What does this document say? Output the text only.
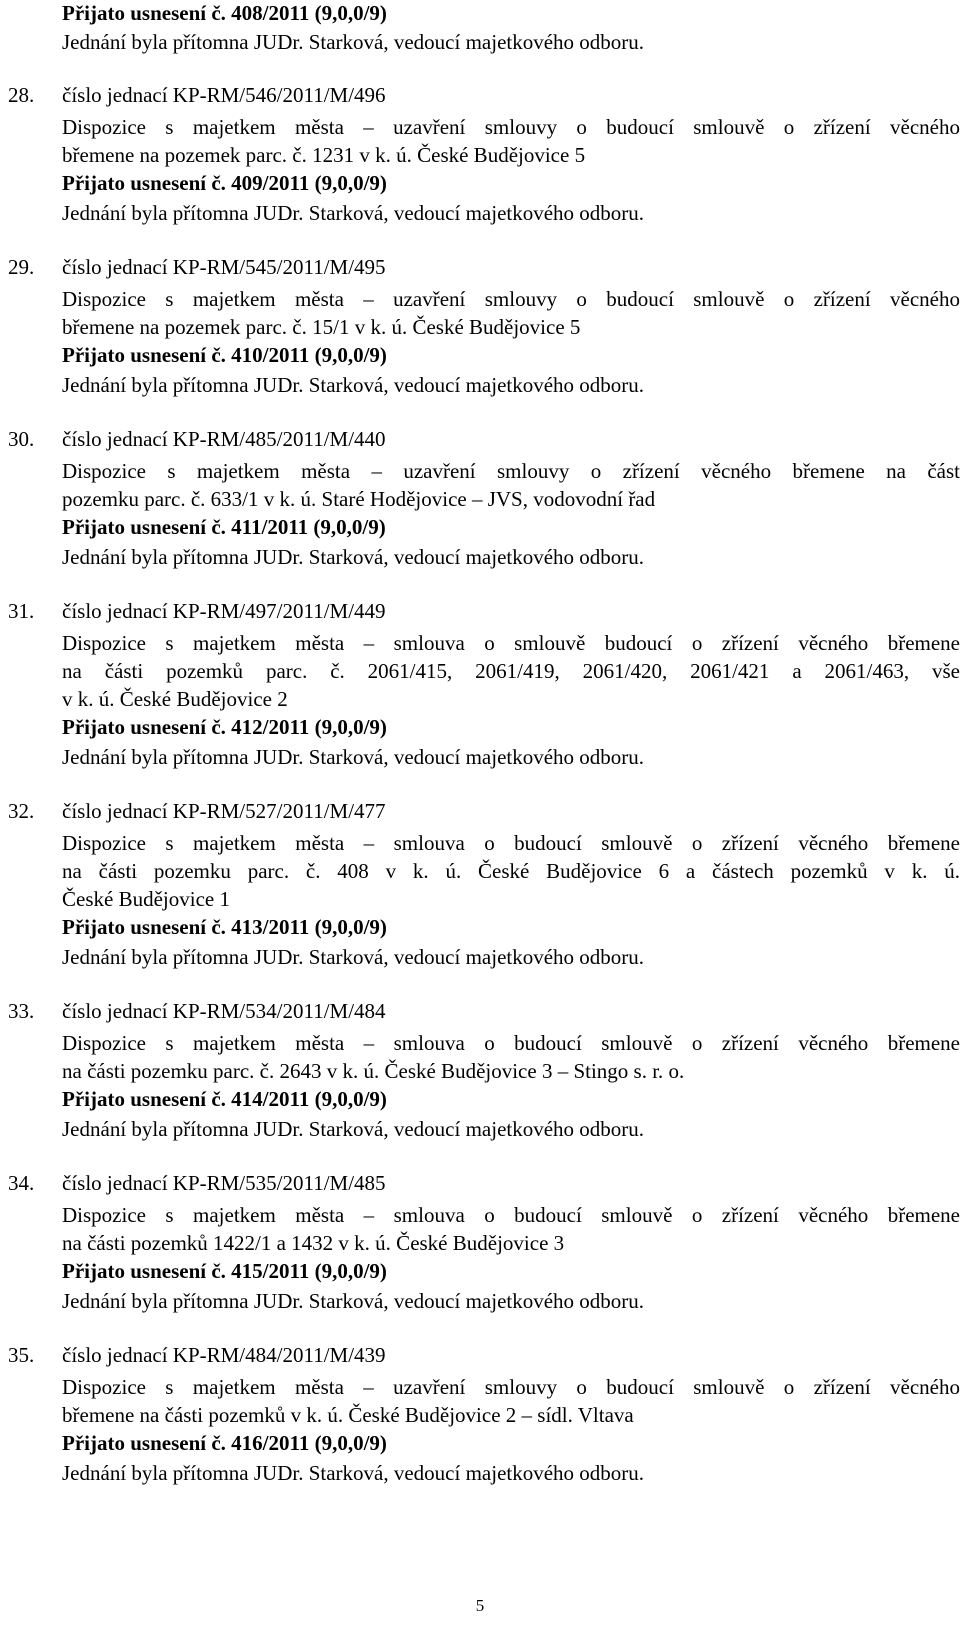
Přijato usnesení č. 408/2011 (9,0,0/9)
Jednání byla přítomna JUDr. Starková, vedoucí majetkového odboru.
28. číslo jednací KP-RM/546/2011/M/496
Dispozice s majetkem města – uzavření smlouvy o budoucí smlouvě o zřízení věcného
břemene na pozemek parc. č. 1231 v k. ú. České Budějovice 5
Přijato usnesení č. 409/2011 (9,0,0/9)
Jednání byla přítomna JUDr. Starková, vedoucí majetkového odboru.
29. číslo jednací KP-RM/545/2011/M/495
Dispozice s majetkem města – uzavření smlouvy o budoucí smlouvě o zřízení věcného
břemene na pozemek parc. č. 15/1 v k. ú. České Budějovice 5
Přijato usnesení č. 410/2011 (9,0,0/9)
Jednání byla přítomna JUDr. Starková, vedoucí majetkového odboru.
30. číslo jednací KP-RM/485/2011/M/440
Dispozice s majetkem města – uzavření smlouvy o zřízení věcného břemene na část
pozemku parc. č. 633/1 v k. ú. Staré Hodějovice – JVS, vodovodní řad
Přijato usnesení č. 411/2011 (9,0,0/9)
Jednání byla přítomna JUDr. Starková, vedoucí majetkového odboru.
31. číslo jednací KP-RM/497/2011/M/449
Dispozice s majetkem města – smlouva o smlouvě budoucí o zřízení věcného břemene
na části pozemků parc. č. 2061/415, 2061/419, 2061/420, 2061/421 a 2061/463, vše
v k. ú. České Budějovice 2
Přijato usnesení č. 412/2011 (9,0,0/9)
Jednání byla přítomna JUDr. Starková, vedoucí majetkového odboru.
32. číslo jednací KP-RM/527/2011/M/477
Dispozice s majetkem města – smlouva o budoucí smlouvě o zřízení věcného břemene
na části pozemku parc. č. 408 v k. ú. České Budějovice 6 a částech pozemků v k. ú.
České Budějovice 1
Přijato usnesení č. 413/2011 (9,0,0/9)
Jednání byla přítomna JUDr. Starková, vedoucí majetkového odboru.
33. číslo jednací KP-RM/534/2011/M/484
Dispozice s majetkem města – smlouva o budoucí smlouvě o zřízení věcného břemene
na části pozemku parc. č. 2643 v k. ú. České Budějovice 3 – Stingo s. r. o.
Přijato usnesení č. 414/2011 (9,0,0/9)
Jednání byla přítomna JUDr. Starková, vedoucí majetkového odboru.
34. číslo jednací KP-RM/535/2011/M/485
Dispozice s majetkem města – smlouva o budoucí smlouvě o zřízení věcného břemene
na části pozemků 1422/1 a 1432 v k. ú. České Budějovice 3
Přijato usnesení č. 415/2011 (9,0,0/9)
Jednání byla přítomna JUDr. Starková, vedoucí majetkového odboru.
35. číslo jednací KP-RM/484/2011/M/439
Dispozice s majetkem města – uzavření smlouvy o budoucí smlouvě o zřízení věcného
břemene na části pozemků v k. ú. České Budějovice 2 – sídl. Vltava
Přijato usnesení č. 416/2011 (9,0,0/9)
Jednání byla přítomna JUDr. Starková, vedoucí majetkového odboru.
5
